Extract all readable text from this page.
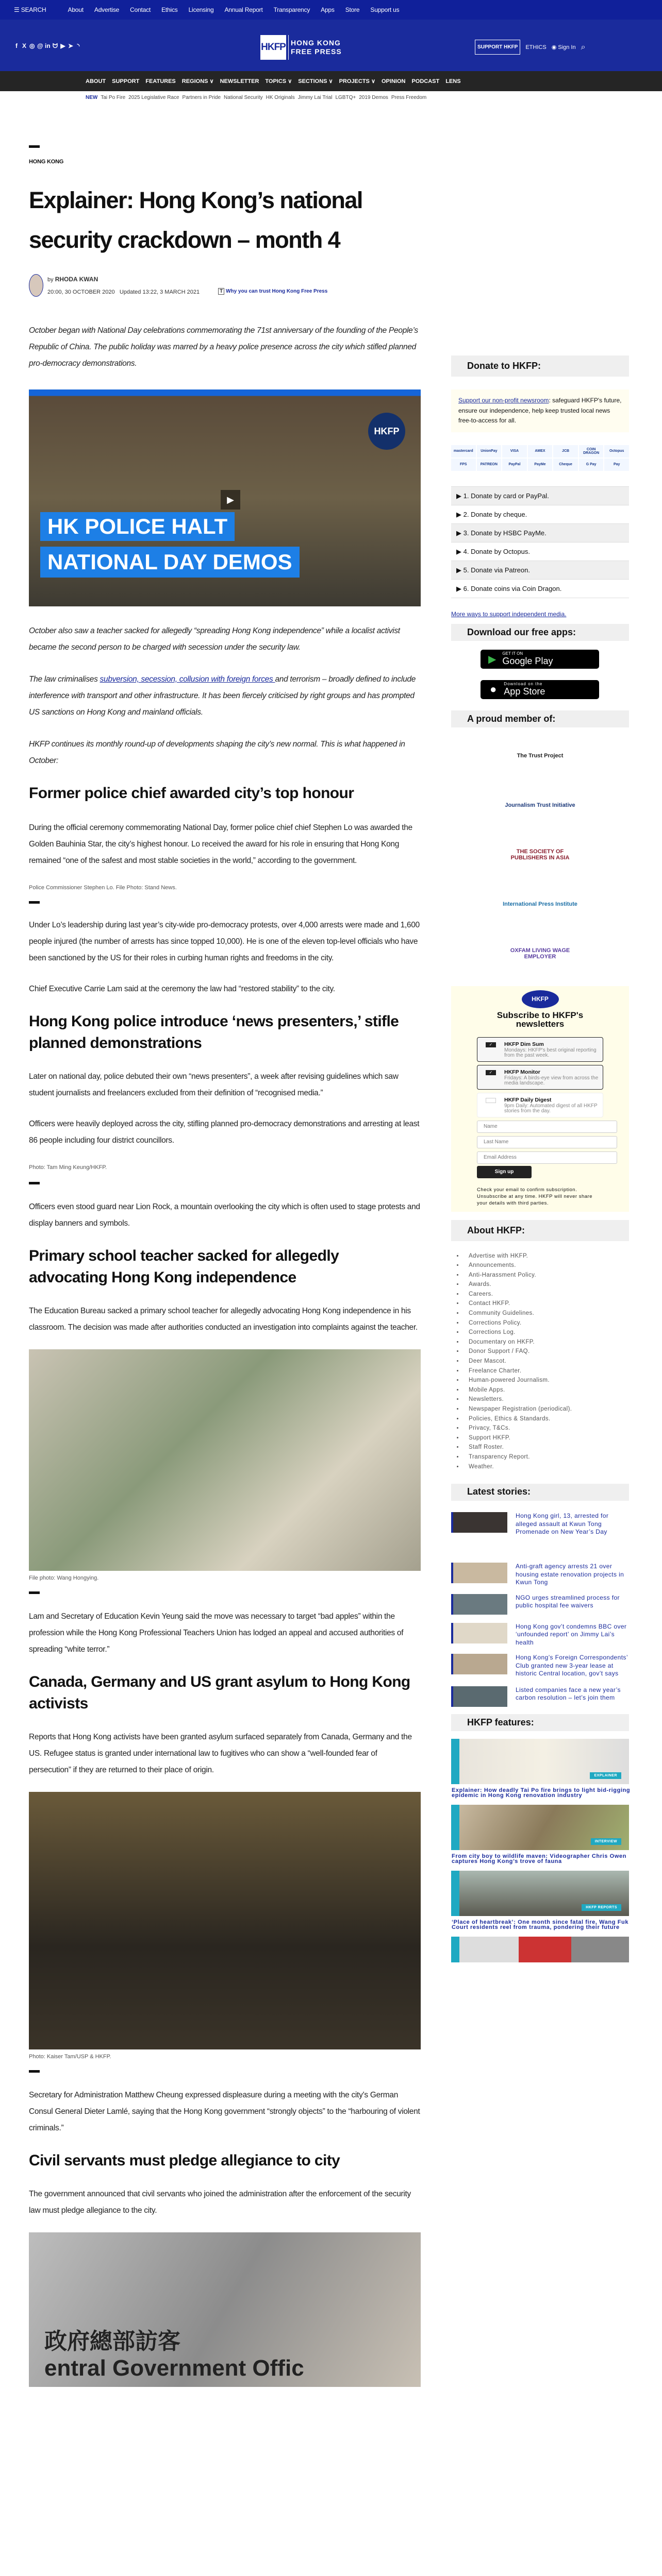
☰ SEARCH	About Advertise Contact Ethics Licensing Annual Report Transparency Apps Store Support us
f X ◎ @ in ᗢ ▶ ➤ ◝	HKFP HONG KONG
FREE PRESS
SUPPORT HKFP	ETHICS ◉ Sign In ⌕
ABOUT SUPPORT FEATURES REGIONS ∨ NEWSLETTER TOPICS ∨ SECTIONS ∨ PROJECTS ∨ OPINION PODCAST LENS
NEW Tai Po Fire 2025 Legislative Race Partners in Pride National Security HK Originals Jimmy Lai Trial LGBTQ+ 2019 Demos Press Freedom
HONG KONG
Explainer: Hong Kong’s national security crackdown – month 4
by RHODA KWAN
20:00, 30 OCTOBER 2020 Updated 13:22, 3 MARCH 2021	T Why you can trust Hong Kong Free Press

October began with National Day celebrations commemorating the 71st anniversary of the founding of the People’s Republic of China. The public holiday was marred by a heavy police presence across the city which stifled planned pro-democracy demonstrations.

HKFP
▶
HK POLICE HALT
NATIONAL DAY DEMOS

October also saw a teacher sacked for allegedly “spreading Hong Kong independence” while a localist activist became the second person to be charged with secession under the security law.

The law criminalises subversion, secession, collusion with foreign forces and terrorism – broadly defined to include interference with transport and other infrastructure. It has been fiercely criticised by right groups and has prompted US sanctions on Hong Kong and mainland officials.

HKFP continues its monthly round-up of developments shaping the city’s new normal. This is what happened in October:

Former police chief awarded city’s top honour

During the official ceremony commemorating National Day, former police chief chief Stephen Lo was awarded the Golden Bauhinia Star, the city’s highest honour. Lo received the award for his role in ensuring that Hong Kong remained “one of the safest and most stable societies in the world,” according to the government.

Police Commissioner Stephen Lo. File Photo: Stand News.

Under Lo’s leadership during last year’s city-wide pro-democracy protests, over 4,000 arrests were made and 1,600 people injured (the number of arrests has since topped 10,000). He is one of the eleven top-level officials who have been sanctioned by the US for their roles in curbing human rights and freedoms in the city.

Chief Executive Carrie Lam said at the ceremony the law had “restored stability” to the city.

Hong Kong police introduce ‘news presenters,’ stifle planned demonstrations

Later on national day, police debuted their own “news presenters”, a week after revising guidelines which saw student journalists and freelancers excluded from their definition of “recognised media.”

Officers were heavily deployed across the city, stifling planned pro-democracy demonstrations and arresting at least 86 people including four district councillors.

Photo: Tam Ming Keung/HKFP.

Officers even stood guard near Lion Rock, a mountain overlooking the city which is often used to stage protests and display banners and symbols.

Primary school teacher sacked for allegedly advocating Hong Kong independence

The Education Bureau sacked a primary school teacher for allegedly advocating Hong Kong independence in his classroom. The decision was made after authorities conducted an investigation into complaints against the teacher.

File photo: Wang Hongying.

Lam and Secretary of Education Kevin Yeung said the move was necessary to target “bad apples” within the profession while the Hong Kong Professional Teachers Union has lodged an appeal and accused authorities of spreading “white terror.”

Canada, Germany and US grant asylum to Hong Kong activists

Reports that Hong Kong activists have been granted asylum surfaced separately from Canada, Germany and the US. Refugee status is granted under international law to fugitives who can show a “well-founded fear of persecution” if they are returned to their place of origin.

Photo: Kaiser Tam/USP & HKFP.

Secretary for Administration Matthew Cheung expressed displeasure during a meeting with the city’s German Consul General Dieter Lamlé, saying that the Hong Kong government “strongly objects” to the “harbouring of violent criminals.”

Civil servants must pledge allegiance to city

The government announced that civil servants who joined the administration after the enforcement of the security law must pledge allegiance to the city.

政府總部訪客
entral Government Offic
Donate to HKFP:
Support our non-profit newsroom: safeguard HKFP's future, ensure our independence, help keep trusted local news free-to-access for all.
mastercard	UnionPay	VISA	AMEX	JCB	COIN DRAGON	Octopus
FPS	PATREON	PayPal	PayMe	Cheque	G Pay	Pay
▶ 1. Donate by card or PayPal.
▶ 2. Donate by cheque.
▶ 3. Donate by HSBC PayMe.
▶ 4. Donate by Octopus.
▶ 5. Donate via Patreon.
▶ 6. Donate coins via Coin Dragon.
More ways to support independent media.
Download our free apps:
▶ GET IT ON
Google Play
● Download on the
App Store
A proud member of:
The Trust Project
Journalism Trust Initiative
THE SOCIETY OF PUBLISHERS IN ASIA
International Press Institute
OXFAM LIVING WAGE EMPLOYER
HKFP
Subscribe to HKFP's newsletters
✓	HKFP Dim Sum
Mondays: HKFP's best original reporting from the past week.
✓	HKFP Monitor
Fridays: A birds-eye view from across the media landscape.
HKFP Daily Digest
9pm Daily: Automated digest of all HKFP stories from the day.
Name
Last Name
Email Address
Sign up
Check your email to confirm subscription. Unsubscribe at any time. HKFP will never share your details with third parties.
About HKFP:
• Advertise with HKFP.
• Announcements.
• Anti-Harassment Policy.
• Awards.
• Careers.
• Contact HKFP.
• Community Guidelines.
• Corrections Policy.
• Corrections Log.
• Documentary on HKFP.
• Donor Support / FAQ.
• Deer Mascot.
• Freelance Charter.
• Human-powered Journalism.
• Mobile Apps.
• Newsletters.
• Newspaper Registration (periodical).
• Policies, Ethics & Standards.
• Privacy, T&Cs.
• Support HKFP.
• Staff Roster.
• Transparency Report.
• Weather.
Latest stories:
Hong Kong girl, 13, arrested for alleged assault at Kwun Tong Promenade on New Year’s Day
Anti-graft agency arrests 21 over housing estate renovation projects in Kwun Tong
NGO urges streamlined process for public hospital fee waivers
Hong Kong gov’t condemns BBC over ‘unfounded report’ on Jimmy Lai’s health
Hong Kong’s Foreign Correspondents’ Club granted new 3-year lease at historic Central location, gov’t says
Listed companies face a new year’s carbon resolution – let’s join them
HKFP features:
EXPLAINER
Explainer: How deadly Tai Po fire brings to light bid-rigging epidemic in Hong Kong renovation industry
INTERVIEW
From city boy to wildlife maven: Videographer Chris Owen captures Hong Kong’s trove of fauna
HKFP REPORTS
‘Place of heartbreak’: One month since fatal fire, Wang Fuk Court residents reel from trauma, pondering their future
